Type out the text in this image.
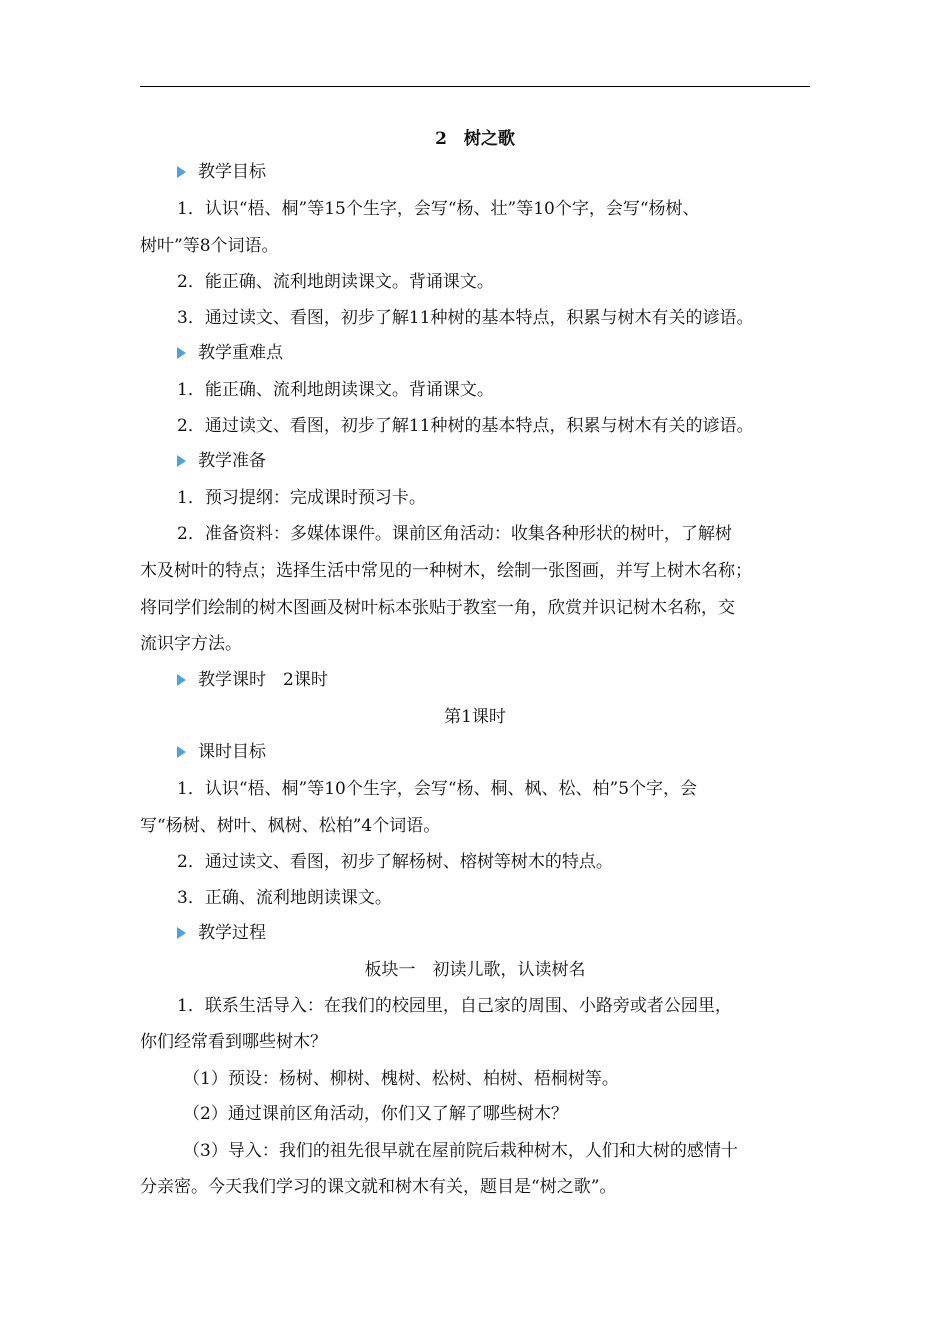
2　树之歌
教学目标
1．认识“梧、桐”等15个生字，会写“杨、壮”等10个字，会写“杨树、
树叶”等8个词语。
2．能正确、流利地朗读课文。背诵课文。
3．通过读文、看图，初步了解11种树的基本特点，积累与树木有关的谚语。
教学重难点
1．能正确、流利地朗读课文。背诵课文。
2．通过读文、看图，初步了解11种树的基本特点，积累与树木有关的谚语。
教学准备
1．预习提纲：完成课时预习卡。
2．准备资料：多媒体课件。课前区角活动：收集各种形状的树叶，了解树
木及树叶的特点；选择生活中常见的一种树木，绘制一张图画，并写上树木名称；
将同学们绘制的树木图画及树叶标本张贴于教室一角，欣赏并识记树木名称，交
流识字方法。
教学课时　2课时
第1课时
课时目标
1．认识“梧、桐”等10个生字，会写“杨、桐、枫、松、柏”5个字，会
写“杨树、树叶、枫树、松柏”4个词语。
2．通过读文、看图，初步了解杨树、榕树等树木的特点。
3．正确、流利地朗读课文。
教学过程
板块一　初读儿歌，认读树名
1．联系生活导入：在我们的校园里，自己家的周围、小路旁或者公园里，
你们经常看到哪些树木？
（1）预设：杨树、柳树、槐树、松树、柏树、梧桐树等。
（2）通过课前区角活动，你们又了解了哪些树木？
（3）导入：我们的祖先很早就在屋前院后栽种树木，人们和大树的感情十
分亲密。今天我们学习的课文就和树木有关，题目是“树之歌”。
